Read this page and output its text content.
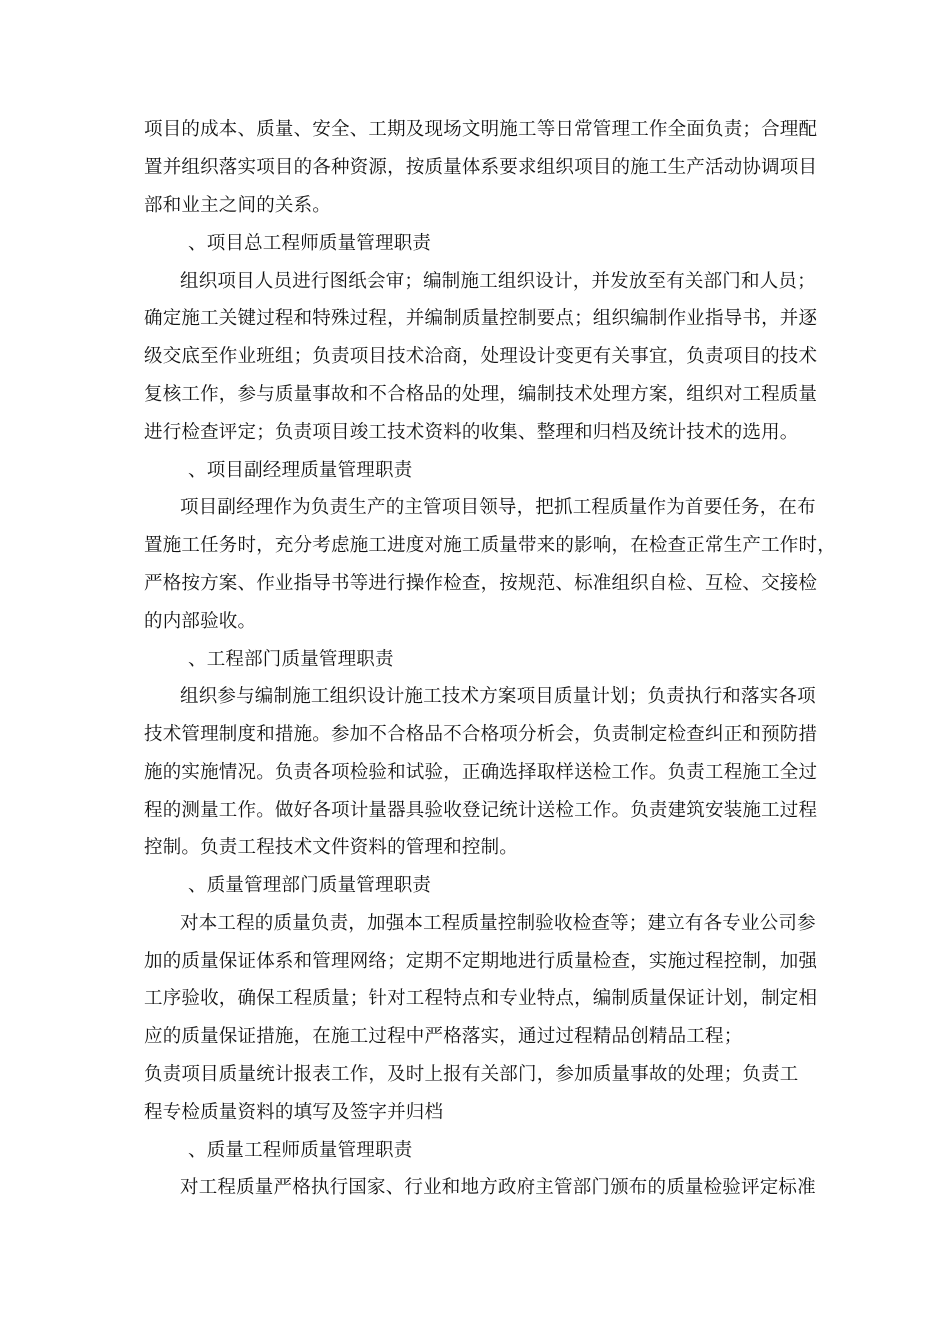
项目的成本、质量、安全、工期及现场文明施工等日常管理工作全面负责；合理配
置并组织落实项目的各种资源，按质量体系要求组织项目的施工生产活动协调项目
部和业主之间的关系。
、项目总工程师质量管理职责
组织项目人员进行图纸会审；编制施工组织设计，并发放至有关部门和人员；
确定施工关键过程和特殊过程，并编制质量控制要点；组织编制作业指导书，并逐
级交底至作业班组；负责项目技术洽商，处理设计变更有关事宜，负责项目的技术
复核工作，参与质量事故和不合格品的处理，编制技术处理方案，组织对工程质量
进行检查评定；负责项目竣工技术资料的收集、整理和归档及统计技术的选用。
、项目副经理质量管理职责
项目副经理作为负责生产的主管项目领导，把抓工程质量作为首要任务，在布
置施工任务时，充分考虑施工进度对施工质量带来的影响，在检查正常生产工作时，
严格按方案、作业指导书等进行操作检查，按规范、标准组织自检、互检、交接检
的内部验收。
、工程部门质量管理职责
组织参与编制施工组织设计施工技术方案项目质量计划；负责执行和落实各项
技术管理制度和措施。参加不合格品不合格项分析会，负责制定检查纠正和预防措
施的实施情况。负责各项检验和试验，正确选择取样送检工作。负责工程施工全过
程的测量工作。做好各项计量器具验收登记统计送检工作。负责建筑安装施工过程
控制。负责工程技术文件资料的管理和控制。
、质量管理部门质量管理职责
对本工程的质量负责，加强本工程质量控制验收检查等；建立有各专业公司参
加的质量保证体系和管理网络；定期不定期地进行质量检查，实施过程控制，加强
工序验收，确保工程质量；针对工程特点和专业特点，编制质量保证计划，制定相
应的质量保证措施，在施工过程中严格落实，通过过程精品创精品工程；
负责项目质量统计报表工作，及时上报有关部门，参加质量事故的处理；负责工
程专检质量资料的填写及签字并归档
、质量工程师质量管理职责
对工程质量严格执行国家、行业和地方政府主管部门颁布的质量检验评定标准
